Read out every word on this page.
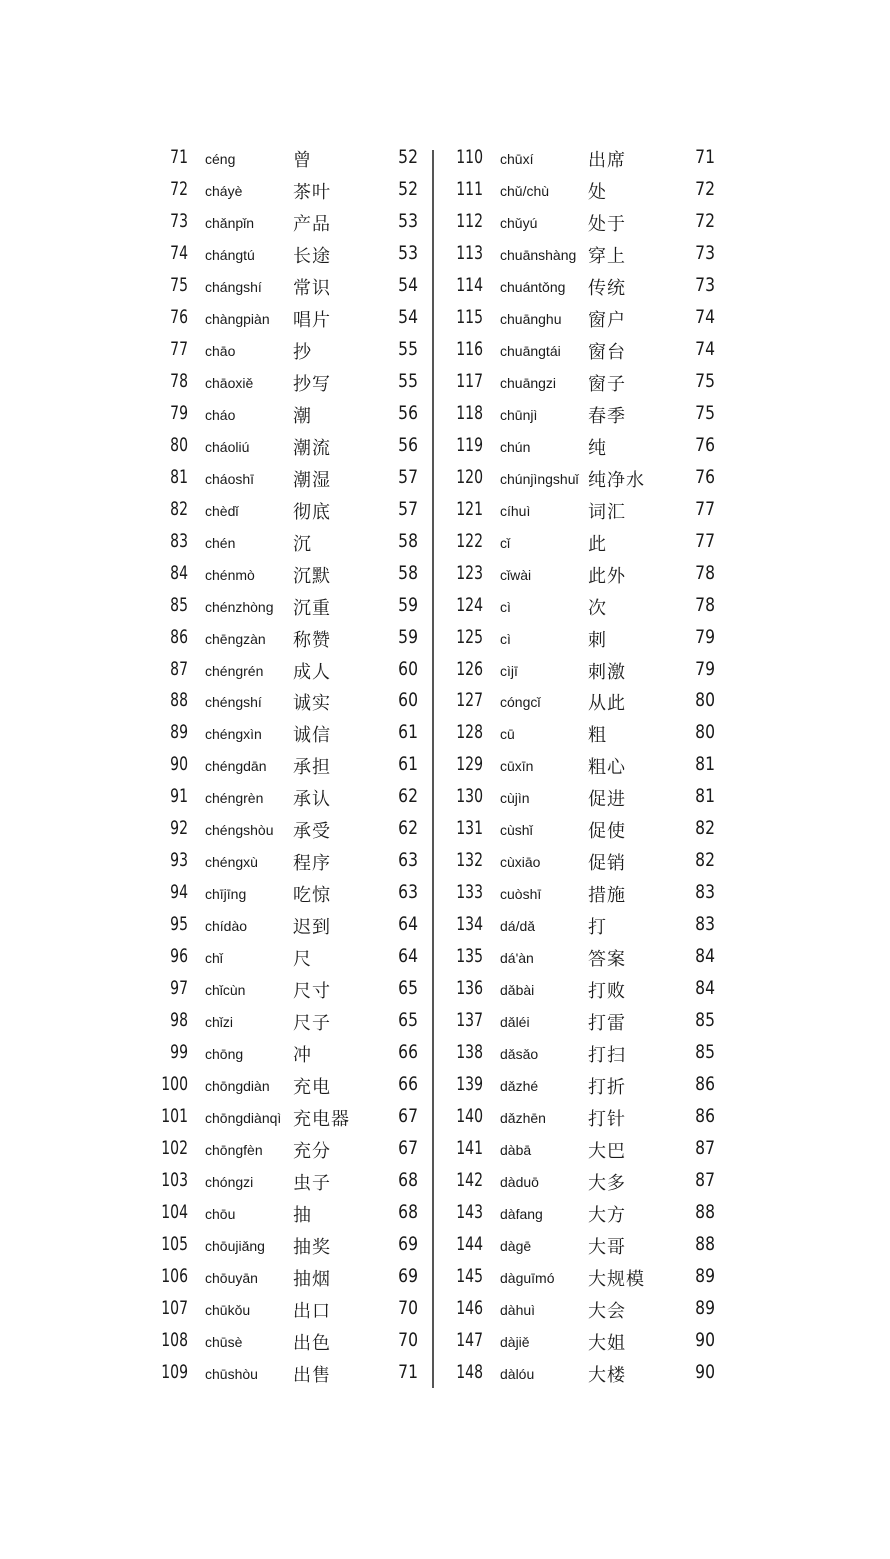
71 céng	曾	52
72 cháyè	茶叶	52
73 chǎnpǐn 产品	53
74 chángtú 长途	53
75 chángshí 常识	54
76 chàngpiàn 唱片	54
77 chāo	抄	55
78 chāoxiě 抄写	55
79 cháo	潮	56
80 cháoliú 潮流	56
81 cháoshī 潮湿	57
82 chèdǐ	彻底	57
83 chén	沉	58
84 chénmò 沉默	58
85 chénzhòng 沉重	59
86 chēngzàn 称赞	59
87 chéngrén 成人	60
88 chéngshí 诚实	60
89 chéngxìn 诚信	61
90 chéngdān 承担	61
91 chéngrèn 承认	62
92 chéngshòu 承受	62
93 chéngxù 程序	63
94 chījīng	吃惊	63
95 chídào	迟到	64
96 chǐ	尺	64
97 chǐcùn	尺寸	65
98 chǐzi	尺子	65
99 chōng	冲	66
100 chōngdiàn 充电	66
101 chōngdiànqì 充电器	67
102 chōngfèn 充分	67
103 chóngzi 虫子	68
104 chōu	抽	68
105 chōujiǎng 抽奖	69
106 chōuyān 抽烟	69
107 chūkǒu 出口	70
108 chūsè	出色	70
109 chūshòu 出售	71
110 chūxí	出席	71
111 chǔ/chù 处	72
112 chǔyú	处于	72
113 chuānshàng 穿上	73
114 chuántǒng 传统	73
115 chuānghu 窗户	74
116 chuāngtái 窗台	74
117 chuāngzi 窗子	75
118 chūnjì	春季	75
119 chún	纯	76
120 chúnjìngshuǐ 纯净水	76
121 cíhuì	词汇	77
122 cǐ	此	77
123 cǐwài	此外	78
124 cì	次	78
125 cì	刺	79
126 cìjī	刺激	79
127 cóngcǐ	从此	80
128 cū	粗	80
129 cūxīn	粗心	81
130 cùjìn	促进	81
131 cùshǐ	促使	82
132 cùxiāo	促销	82
133 cuòshī	措施	83
134 dá/dǎ	打	83
135 dá'àn	答案	84
136 dǎbài	打败	84
137 dǎléi	打雷	85
138 dǎsǎo	打扫	85
139 dǎzhé	打折	86
140 dǎzhēn 打针	86
141 dàbā	大巴	87
142 dàduō	大多	87
143 dàfang	大方	88
144 dàgē	大哥	88
145 dàguīmó 大规模	89
146 dàhuì	大会	89
147 dàjiě	大姐	90
148 dàlóu	大楼	90
